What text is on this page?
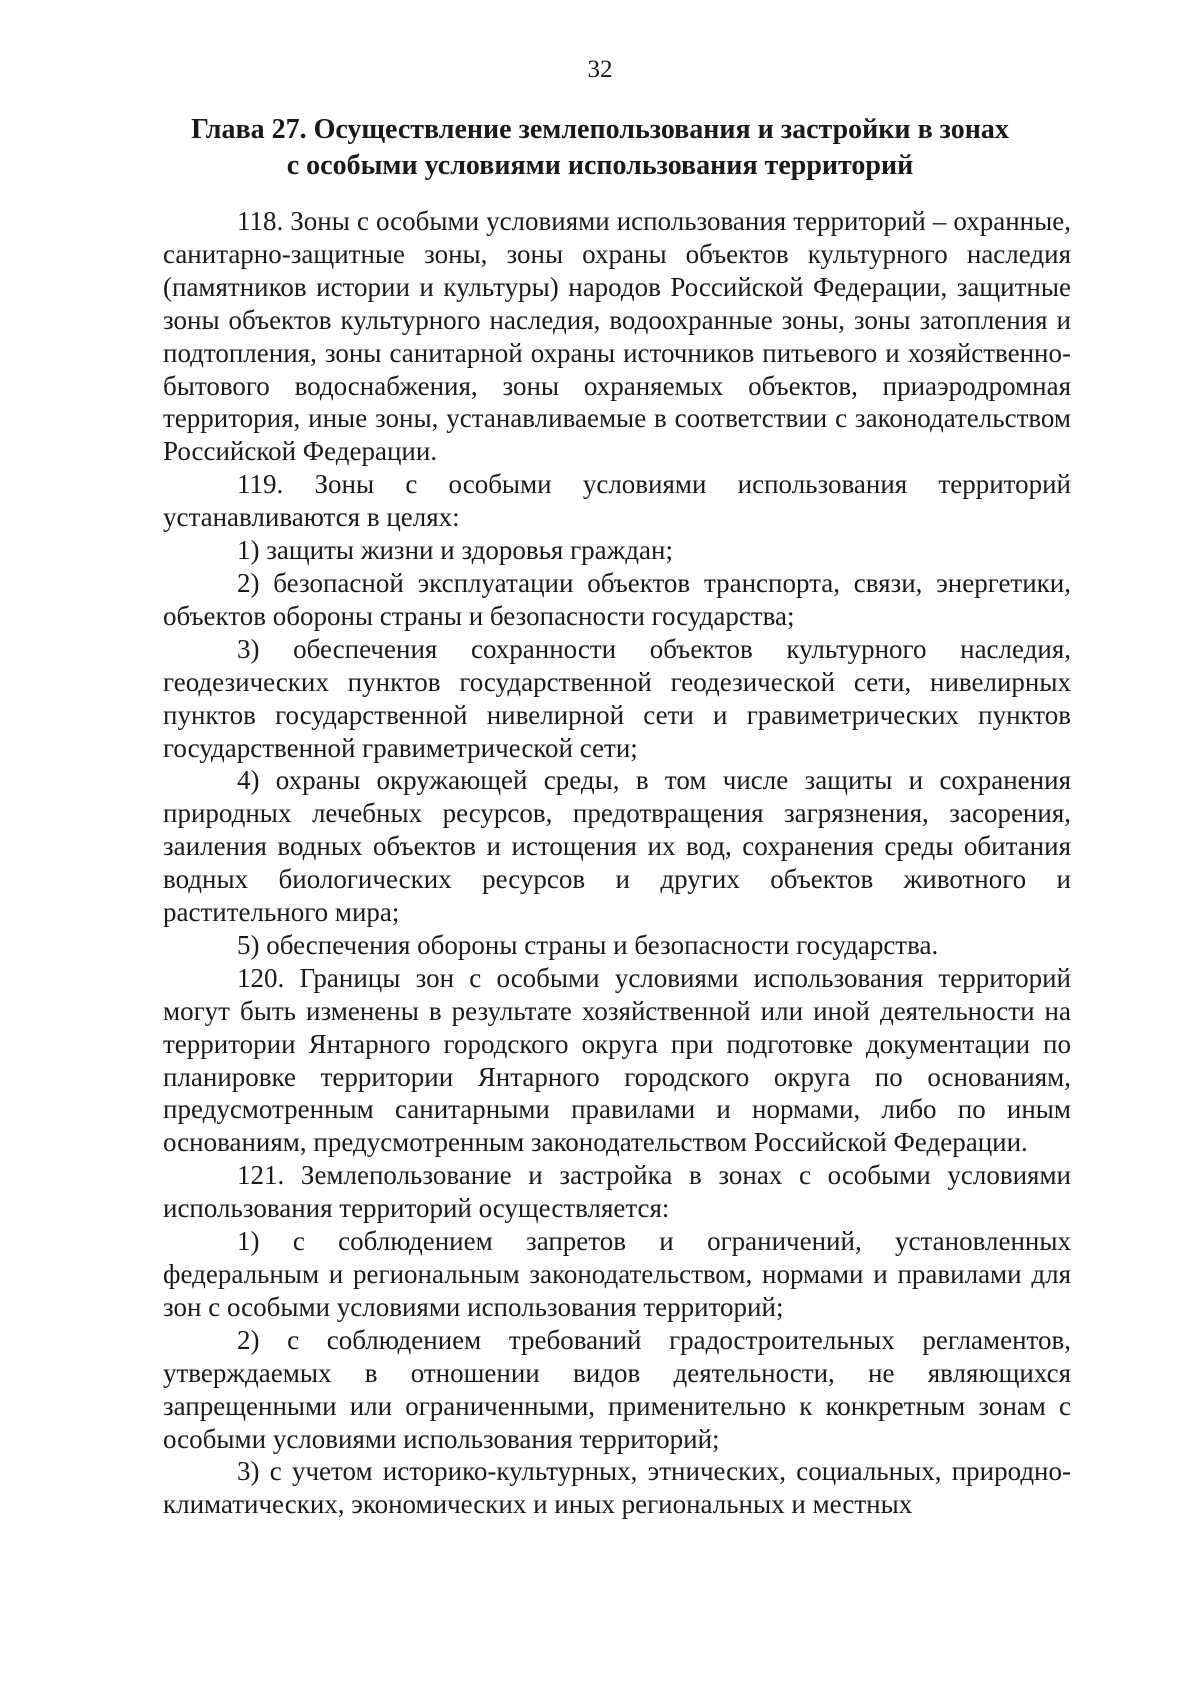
32
Глава 27. Осуществление землепользования и застройки в зонах
с особыми условиями использования территорий

118. Зоны с особыми условиями использования территорий – охранные, санитарно-защитные зоны, зоны охраны объектов культурного наследия (памятников истории и культуры) народов Российской Федерации, защитные зоны объектов культурного наследия, водоохранные зоны, зоны затопления и подтопления, зоны санитарной охраны источников питьевого и хозяйственно-бытового водоснабжения, зоны охраняемых объектов, приаэродромная территория, иные зоны, устанавливаемые в соответствии с законодательством Российской Федерации.

119. Зоны с особыми условиями использования территорий устанавливаются в целях:

1) защиты жизни и здоровья граждан;

2) безопасной эксплуатации объектов транспорта, связи, энергетики, объектов обороны страны и безопасности государства;

3) обеспечения сохранности объектов культурного наследия, геодезических пунктов государственной геодезической сети, нивелирных пунктов государственной нивелирной сети и гравиметрических пунктов государственной гравиметрической сети;

4) охраны окружающей среды, в том числе защиты и сохранения природных лечебных ресурсов, предотвращения загрязнения, засорения, заиления водных объектов и истощения их вод, сохранения среды обитания водных биологических ресурсов и других объектов животного и растительного мира;

5) обеспечения обороны страны и безопасности государства.

120. Границы зон с особыми условиями использования территорий могут быть изменены в результате хозяйственной или иной деятельности на территории Янтарного городского округа при подготовке документации по планировке территории Янтарного городского округа по основаниям, предусмотренным санитарными правилами и нормами, либо по иным основаниям, предусмотренным законодательством Российской Федерации.

121. Землепользование и застройка в зонах с особыми условиями использования территорий осуществляется:

1) с соблюдением запретов и ограничений, установленных федеральным и региональным законодательством, нормами и правилами для зон с особыми условиями использования территорий;

2) с соблюдением требований градостроительных регламентов, утверждаемых в отношении видов деятельности, не являющихся запрещенными или ограниченными, применительно к конкретным зонам с особыми условиями использования территорий;

3) с учетом историко-культурных, этнических, социальных, природно-климатических, экономических и иных региональных и местных
